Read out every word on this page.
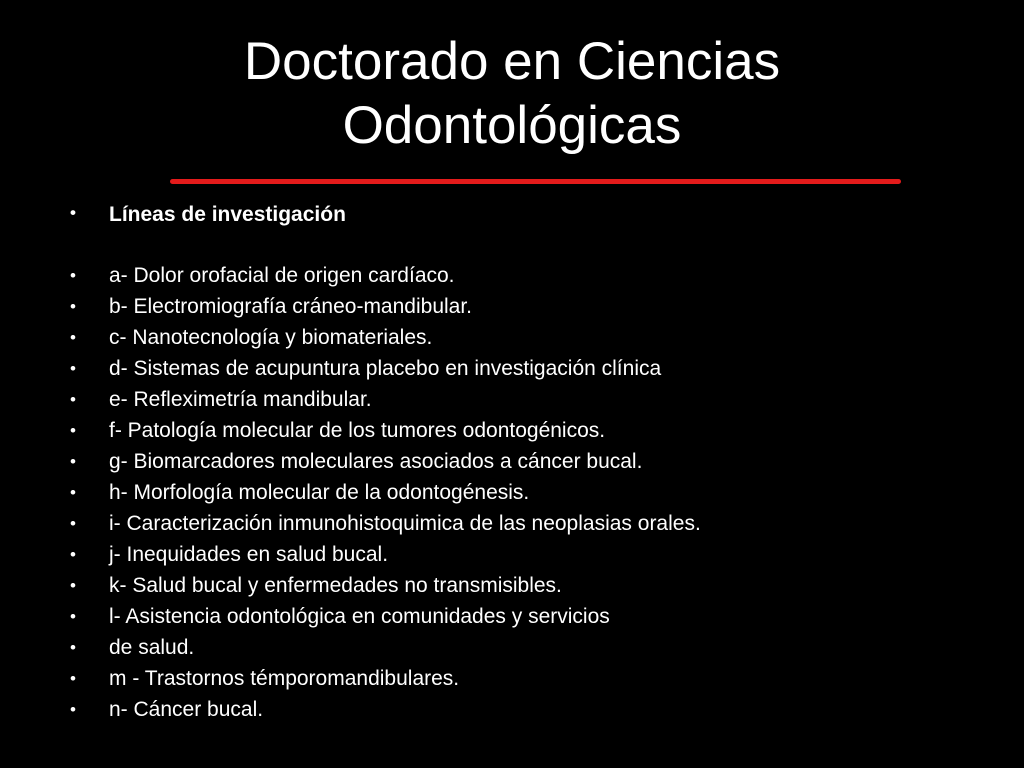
Doctorado en Ciencias
Odontológicas
• Líneas de investigación
• a- Dolor orofacial de origen cardíaco.
• b- Electromiografía cráneo-mandibular.
• c- Nanotecnología y biomateriales.
• d- Sistemas de acupuntura placebo en investigación clínica
• e- Refleximetría mandibular.
• f- Patología molecular de los tumores odontogénicos.
• g- Biomarcadores moleculares asociados a cáncer bucal.
• h- Morfología molecular de la odontogénesis.
• i- Caracterización inmunohistoquimica de las neoplasias orales.
• j- Inequidades en salud bucal.
• k- Salud bucal y enfermedades no transmisibles.
• l- Asistencia odontológica en comunidades y servicios
• de salud.
• m - Trastornos témporomandibulares.
• n- Cáncer bucal.
